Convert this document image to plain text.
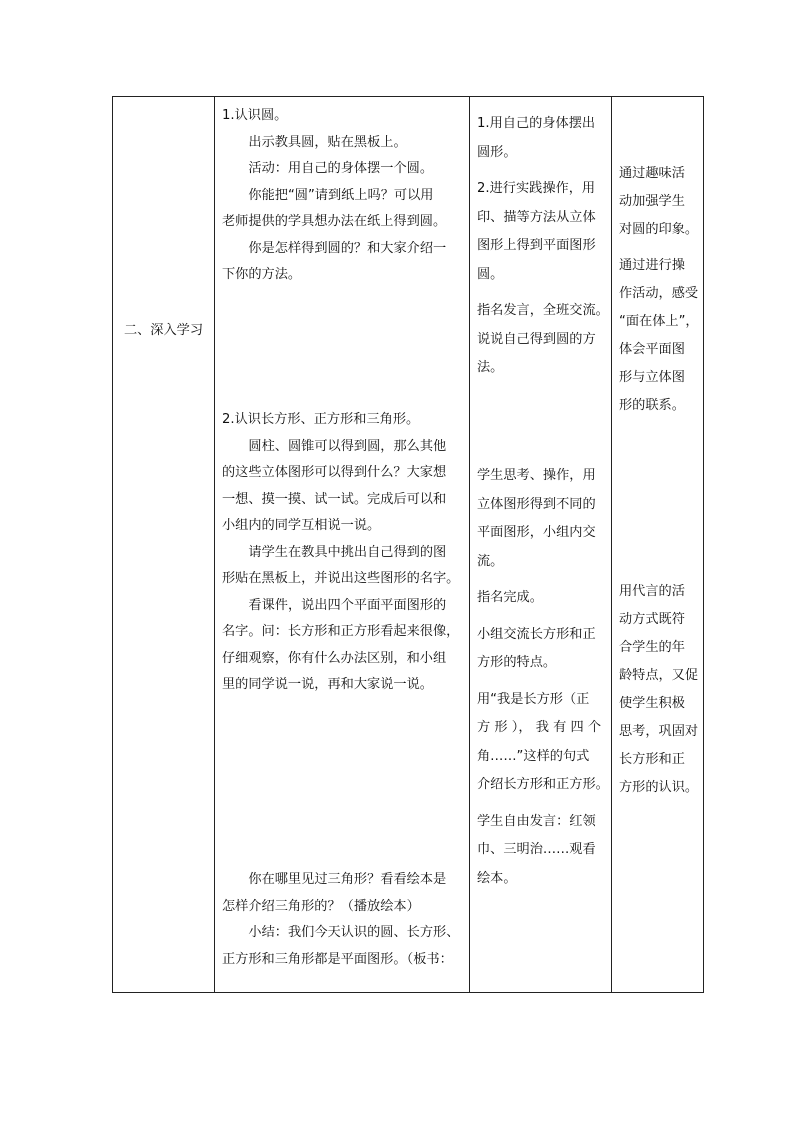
二、深入学习

1.认识圆。

出示教具圆，贴在黑板上。

活动：用自己的身体摆一个圆。

你能把“圆”请到纸上吗？可以用

老师提供的学具想办法在纸上得到圆。

你是怎样得到圆的？和大家介绍一

下你的方法。

2.认识长方形、正方形和三角形。

圆柱、圆锥可以得到圆，那么其他

的这些立体图形可以得到什么？大家想

一想、摸一摸、试一试。完成后可以和

小组内的同学互相说一说。

请学生在教具中挑出自己得到的图

形贴在黑板上，并说出这些图形的名字。

看课件，说出四个平面平面图形的

名字。问：长方形和正方形看起来很像，

仔细观察，你有什么办法区别，和小组

里的同学说一说，再和大家说一说。

你在哪里见过三角形？看看绘本是

怎样介绍三角形的？（播放绘本）

小结：我们今天认识的圆、长方形、

正方形和三角形都是平面图形。（板书：

1.用自己的身体摆出

圆形。

2.进行实践操作，用

印、描等方法从立体

图形上得到平面图形

圆。

指名发言，全班交流。

说说自己得到圆的方

法。

学生思考、操作，用

立体图形得到不同的

平面图形，小组内交

流。

指名完成。

小组交流长方形和正

方形的特点。

用“我是长方形（正

方 形 ）， 我 有 四 个

角……”这样的句式

介绍长方形和正方形。

学生自由发言：红领

巾、三明治……观看

绘本。

通过趣味活

动加强学生

对圆的印象。

通过进行操

作活动，感受

“面在体上”，

体会平面图

形与立体图

形的联系。

用代言的活

动方式既符

合学生的年

龄特点，又促

使学生积极

思考，巩固对

长方形和正

方形的认识。
